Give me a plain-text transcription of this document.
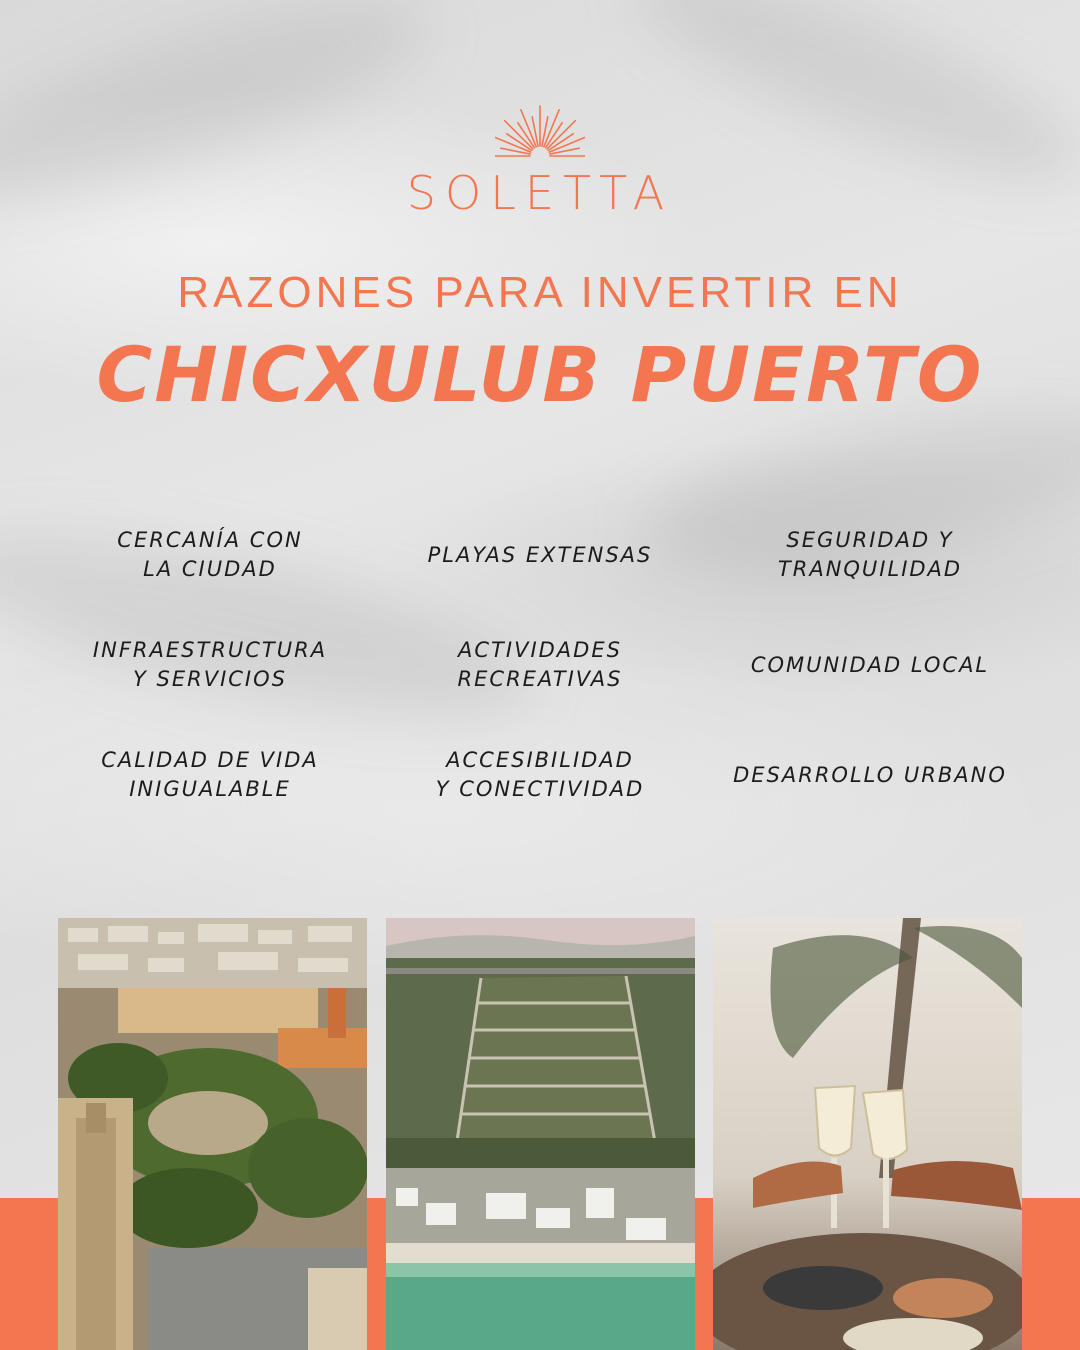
SOLETTA
RAZONES PARA INVERTIR EN
CHICXULUB PUERTO
CERCANÍA CON
LA CIUDAD
PLAYAS EXTENSAS
SEGURIDAD Y
TRANQUILIDAD
INFRAESTRUCTURA
Y SERVICIOS
ACTIVIDADES
RECREATIVAS
COMUNIDAD LOCAL
CALIDAD DE VIDA
INIGUALABLE
ACCESIBILIDAD
Y CONECTIVIDAD
DESARROLLO URBANO
